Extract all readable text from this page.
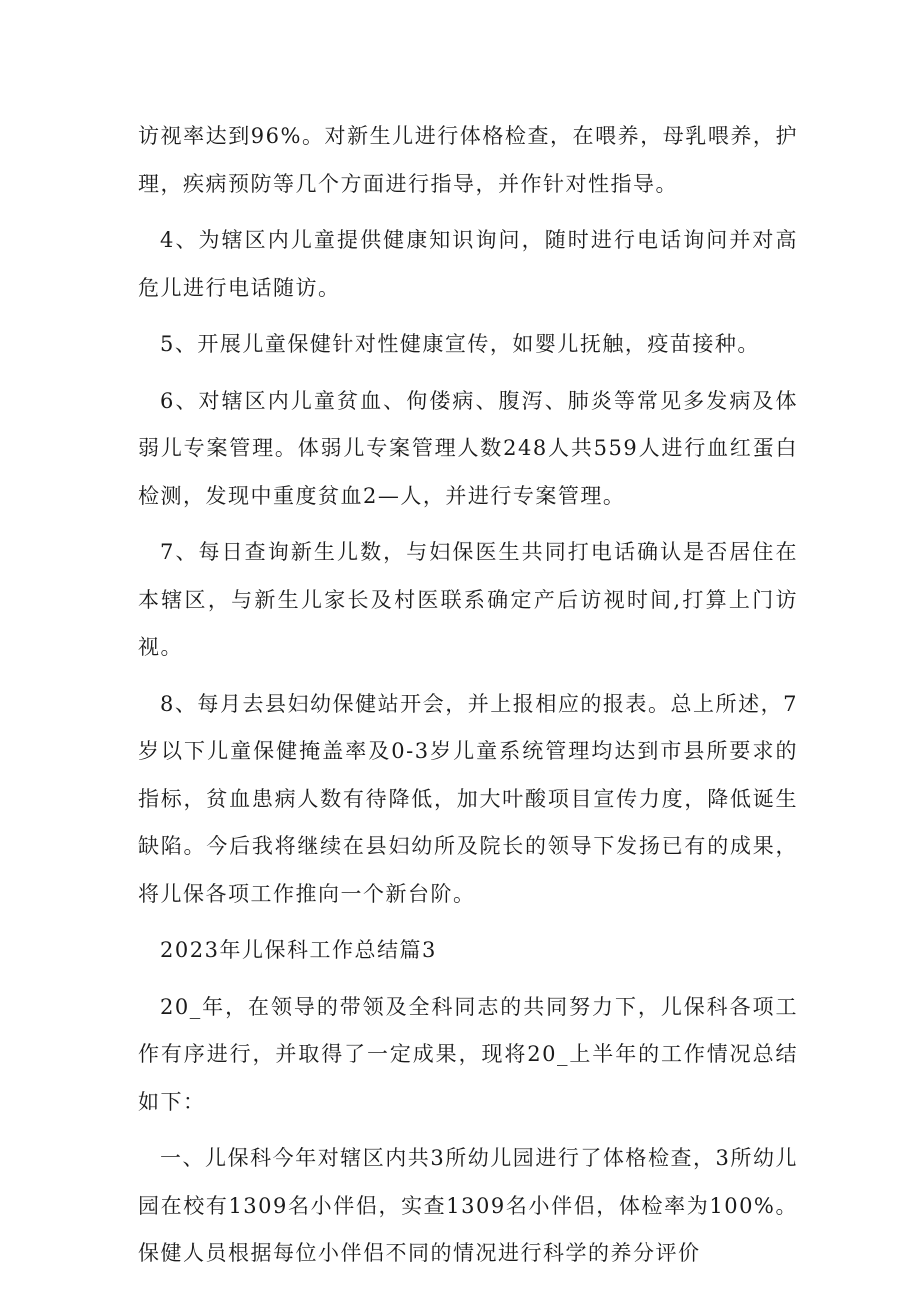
访视率达到96%。对新生儿进行体格检查，在喂养，母乳喂养，护理，疾病预防等几个方面进行指导，并作针对性指导。

4、为辖区内儿童提供健康知识询问，随时进行电话询问并对高危儿进行电话随访。

5、开展儿童保健针对性健康宣传，如婴儿抚触，疫苗接种。

6、对辖区内儿童贫血、佝偻病、腹泻、肺炎等常见多发病及体弱儿专案管理。体弱儿专案管理人数248人共559人进行血红蛋白检测，发现中重度贫血2—人，并进行专案管理。

7、每日查询新生儿数，与妇保医生共同打电话确认是否居住在本辖区，与新生儿家长及村医联系确定产后访视时间,打算上门访视。

8、每月去县妇幼保健站开会，并上报相应的报表。总上所述，7岁以下儿童保健掩盖率及0-3岁儿童系统管理均达到市县所要求的指标，贫血患病人数有待降低，加大叶酸项目宣传力度，降低诞生缺陷。今后我将继续在县妇幼所及院长的领导下发扬已有的成果，将儿保各项工作推向一个新台阶。

2023年儿保科工作总结篇3

20_年，在领导的带领及全科同志的共同努力下，儿保科各项工作有序进行，并取得了一定成果，现将20_上半年的工作情况总结如下：

一、儿保科今年对辖区内共3所幼儿园进行了体格检查，3所幼儿园在校有1309名小伴侣，实查1309名小伴侣，体检率为100%。保健人员根据每位小伴侣不同的情况进行科学的养分评价
